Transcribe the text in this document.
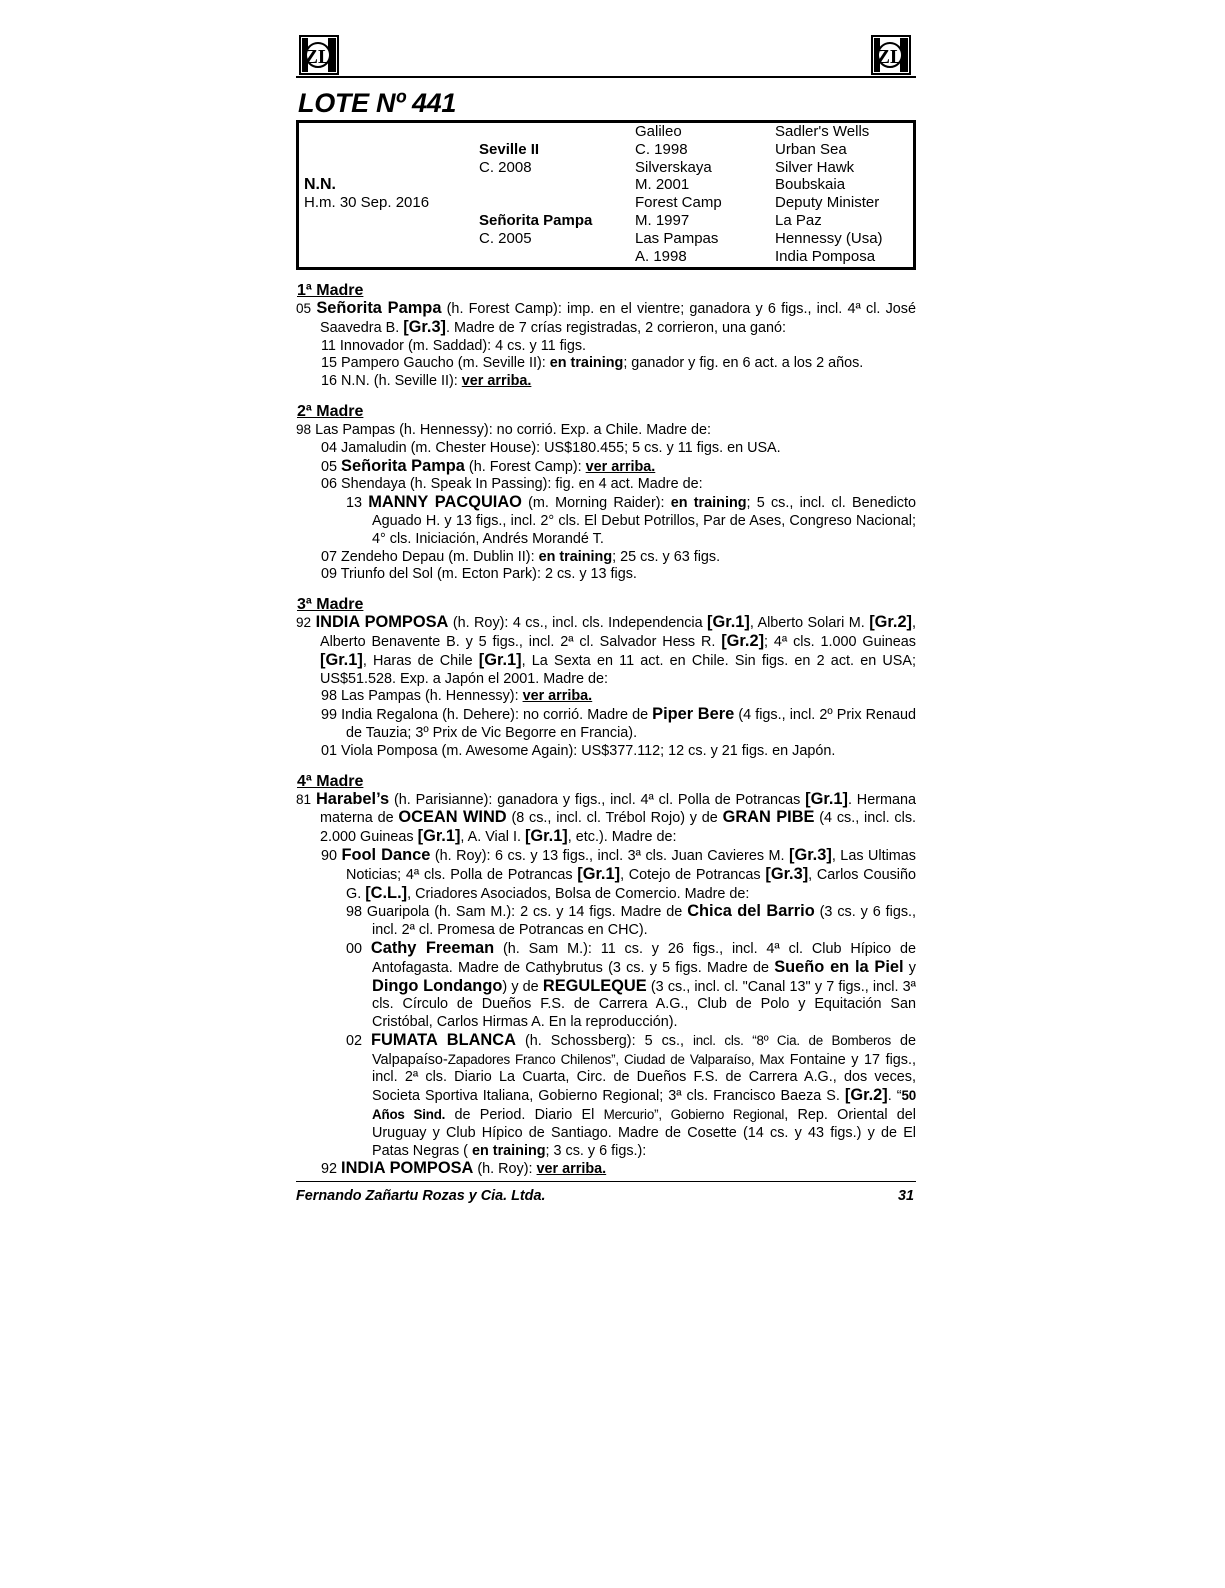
ZL	ZL
LOTE Nº 441
N.N.
H.m. 30 Sep. 2016
Seville II
C. 2008
Señorita Pampa
C. 2005
Galileo
C. 1998
Silverskaya
M. 2001
Forest Camp
M. 1997
Las Pampas
A. 1998
Sadler's Wells
Urban Sea
Silver Hawk
Boubskaia
Deputy Minister
La Paz
Hennessy (Usa)
India Pomposa
1ª Madre
05 Señorita Pampa (h. Forest Camp): imp. en el vientre; ganadora y 6 figs., incl. 4ª cl. José Saavedra B. [Gr.3]. Madre de 7 crías registradas, 2 corrieron, una ganó:
11 Innovador (m. Saddad): 4 cs. y 11 figs.
15 Pampero Gaucho (m. Seville II): en training; ganador y fig. en 6 act. a los 2 años.
16 N.N. (h. Seville II): ver arriba.
2ª Madre
98 Las Pampas (h. Hennessy): no corrió. Exp. a Chile. Madre de:
04 Jamaludin (m. Chester House): US$180.455; 5 cs. y 11 figs. en USA.
05 Señorita Pampa (h. Forest Camp): ver arriba.
06 Shendaya (h. Speak In Passing): fig. en 4 act. Madre de:
13 MANNY PACQUIAO (m. Morning Raider): en training; 5 cs., incl. cl. Benedicto Aguado H. y 13 figs., incl. 2° cls. El Debut Potrillos, Par de Ases, Congreso Nacional; 4° cls. Iniciación, Andrés Morandé T.
07 Zendeho Depau (m. Dublin II): en training; 25 cs. y 63 figs.
09 Triunfo del Sol (m. Ecton Park): 2 cs. y 13 figs.
3ª Madre
92 INDIA POMPOSA (h. Roy): 4 cs., incl. cls. Independencia [Gr.1], Alberto Solari M. [Gr.2], Alberto Benavente B. y 5 figs., incl. 2ª cl. Salvador Hess R. [Gr.2]; 4ª cls. 1.000 Guineas [Gr.1], Haras de Chile [Gr.1], La Sexta en 11 act. en Chile. Sin figs. en 2 act. en USA; US$51.528. Exp. a Japón el 2001. Madre de:
98 Las Pampas (h. Hennessy): ver arriba.
99 India Regalona (h. Dehere): no corrió. Madre de Piper Bere (4 figs., incl. 2º Prix Renaud de Tauzia; 3º Prix de Vic Begorre en Francia).
01 Viola Pomposa (m. Awesome Again): US$377.112; 12 cs. y 21 figs. en Japón.
4ª Madre
81 Harabel’s (h. Parisianne): ganadora y figs., incl. 4ª cl. Polla de Potrancas [Gr.1]. Hermana materna de OCEAN WIND (8 cs., incl. cl. Trébol Rojo) y de GRAN PIBE (4 cs., incl. cls. 2.000 Guineas [Gr.1], A. Vial I. [Gr.1], etc.). Madre de:
90 Fool Dance (h. Roy): 6 cs. y 13 figs., incl. 3ª cls. Juan Cavieres M. [Gr.3], Las Ultimas Noticias; 4ª cls. Polla de Potrancas [Gr.1], Cotejo de Potrancas [Gr.3], Carlos Cousiño G. [C.L.], Criadores Asociados, Bolsa de Comercio. Madre de:
98 Guaripola (h. Sam M.): 2 cs. y 14 figs. Madre de Chica del Barrio (3 cs. y 6 figs., incl. 2ª cl. Promesa de Potrancas en CHC).
00 Cathy Freeman (h. Sam M.): 11 cs. y 26 figs., incl. 4ª cl. Club Hípico de Antofagasta. Madre de Cathybrutus (3 cs. y 5 figs. Madre de Sueño en la Piel y Dingo Londango) y de REGULEQUE (3 cs., incl. cl. "Canal 13" y 7 figs., incl. 3ª cls. Círculo de Dueños F.S. de Carrera A.G., Club de Polo y Equitación San Cristóbal, Carlos Hirmas A. En la reproducción).
02 FUMATA BLANCA (h. Schossberg): 5 cs., incl. cls. “8º Cia. de Bomberos de Valpapaíso-Zapadores Franco Chilenos”, Ciudad de Valparaíso, Max Fontaine y 17 figs., incl. 2ª cls. Diario La Cuarta, Circ. de Dueños F.S. de Carrera A.G., dos veces, Societa Sportiva Italiana, Gobierno Regional; 3ª cls. Francisco Baeza S. [Gr.2]. “50 Años Sind. de Period. Diario El Mercurio”, Gobierno Regional, Rep. Oriental del Uruguay y Club Hípico de Santiago. Madre de Cosette (14 cs. y 43 figs.) y de El Patas Negras ( en training; 3 cs. y 6 figs.):
92 INDIA POMPOSA (h. Roy): ver arriba.
Fernando Zañartu Rozas y Cia. Ltda.	31
